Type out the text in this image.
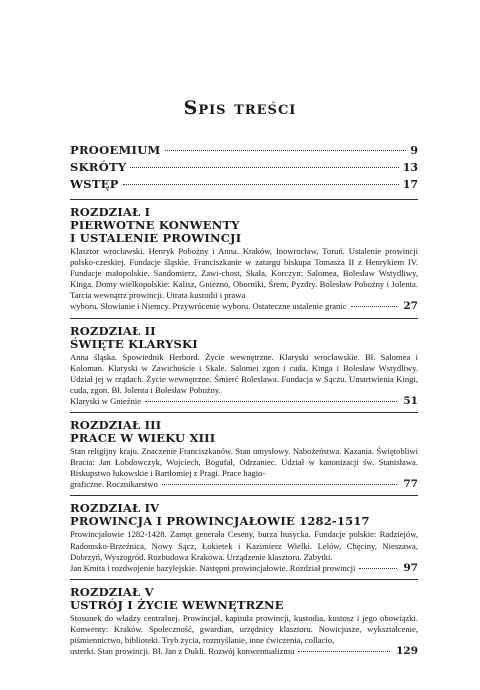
Spis treści
PROOEMIUM	9
SKRÓTY	13
WSTĘP	17
ROZDZIAŁ I
PIERWOTNE KONWENTY
I USTALENIE PROWINCJI
Klasztor wrocławski. Henryk Pobożny i Anna. Kraków, Inowrocław, Toruń. Ustalenie prowincji polsko-czeskiej. Fundacje śląskie. Franciszkanie w zatargu biskupa Tomasza II z Henrykiem IV. Fundacje małopolskie. Sandomierz, Zawi-chost, Skała, Korczyn: Salomea, Bolesław Wstydliwy, Kinga. Domy wielkopolskie: Kalisz, Gniezno, Oborniki, Śrem, Pyzdry. Bolesław Pobożny i Jolenta. Tarcia wewnątrz prowincji. Utrata kustodii i prawa
wyboru. Słowianie i Niemcy. Przywrócenie wyboru. Ostateczne ustalenie granic	27
ROZDZIAŁ II
ŚWIĘTE KLARYSKI
Anna śląska. Spowiednik Herbord. Życie wewnętrzne. Klaryski wrocławskie. Bł. Salomea i Koloman. Klaryski w Zawichoście i Skale. Salomei zgon i cuda. Kinga i Bolesław Wstydliwy. Udział jej w rządach. Życie wewnętrzne. Śmierć Bolesława. Fundacja w Sączu. Umartwienia Kingi, cuda, zgon. Bł. Jolenta i Bolesław Pobożny.
Klaryski w Gnieźnie	51
ROZDZIAŁ III
PRACE W WIEKU XIII
Stan religijny kraju. Znaczenie Franciszkanów. Stan umysłowy. Nabożeństwa. Kazania. Świętobliwi Bracia: Jan Łobdowczyk, Wojciech, Bogufał, Odrzaniec. Udział w kanonizacji św. Stanisława. Biskupstwo łukowskie i Bartłomiej z Pragi. Prace hagio-
graficzne. Rocznikarstwo	77
ROZDZIAŁ IV
PROWINCJA I PROWINCJAŁOWIE 1282-1517
Prowincjałowie 1282-1428. Zamęt generała Ceseny, burza husycka. Fundacje polskie: Radziejów, Radomsko-Brzeźnica, Nowy Sącz, Łokietek i Kazimierz Wielki. Lelów, Chęciny, Nieszawa, Dobrzyń, Wyszogród. Rozbudowa Krakowa. Urządzenie klasztoru. Zabytki.
Jan Kmita i rozdwojenie bazylejskie. Następni prowincjałowie. Rozdział prowincji	97
ROZDZIAŁ V
USTRÓJ I ŻYCIE WEWNĘTRZNE
Stosunek do władzy centralnej. Prowincjał, kapituła prowincji, kustodia, kustosz i jego obowiązki. Konwenty: Kraków. Społeczność, gwardian, urzędnicy klasztoru. Nowicjusze, wykształcenie, piśmiennictwo, biblioteki. Tryb życia, rozmyślanie, inne ćwiczenia, collacio,
usterki. Stan prowincji. Bł. Jan z Dukli. Rozwój konwentualizmu	129
